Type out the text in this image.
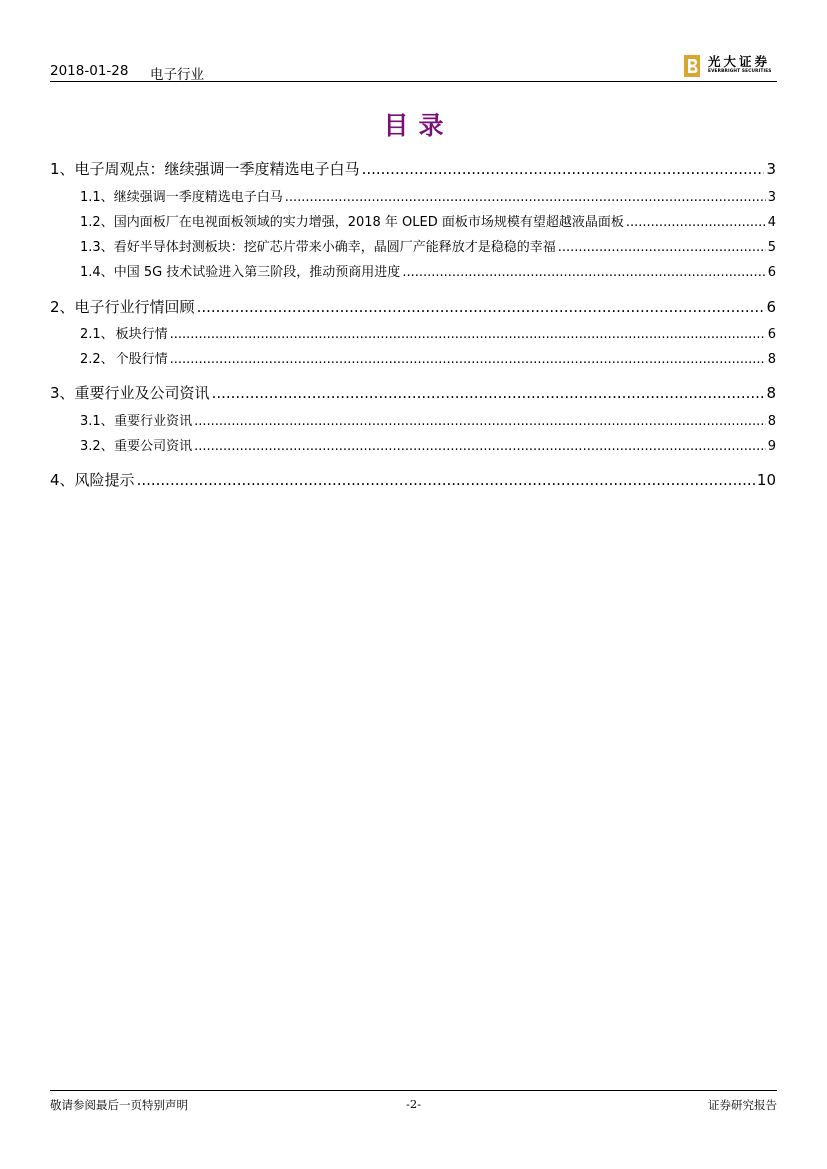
2018-01-28 电子行业
光大证券
EVERBRIGHT SECURITIES
目录
1、 电子周观点：继续强调一季度精选电子白马 .....	3
1.1、 继续强调一季度精选电子白马 .....	3
1.2、 国内面板厂在电视面板领域的实力增强，2018 年 OLED 面板市场规模有望超越液晶面板 .....	4
1.3、 看好半导体封测板块：挖矿芯片带来小确幸，晶圆厂产能释放才是稳稳的幸福 .....	5
1.4、 中国 5G 技术试验进入第三阶段，推动预商用进度 .....	6
2、 电子行业行情回顾 .....	6
2.1、 板块行情 .....	6
2.2、 个股行情 .....	8
3、 重要行业及公司资讯 .....	8
3.1、 重要行业资讯 .....	8
3.2、 重要公司资讯 .....	9
4、 风险提示 .....	10
敬请参阅最后一页特别声明	-2-	证券研究报告
